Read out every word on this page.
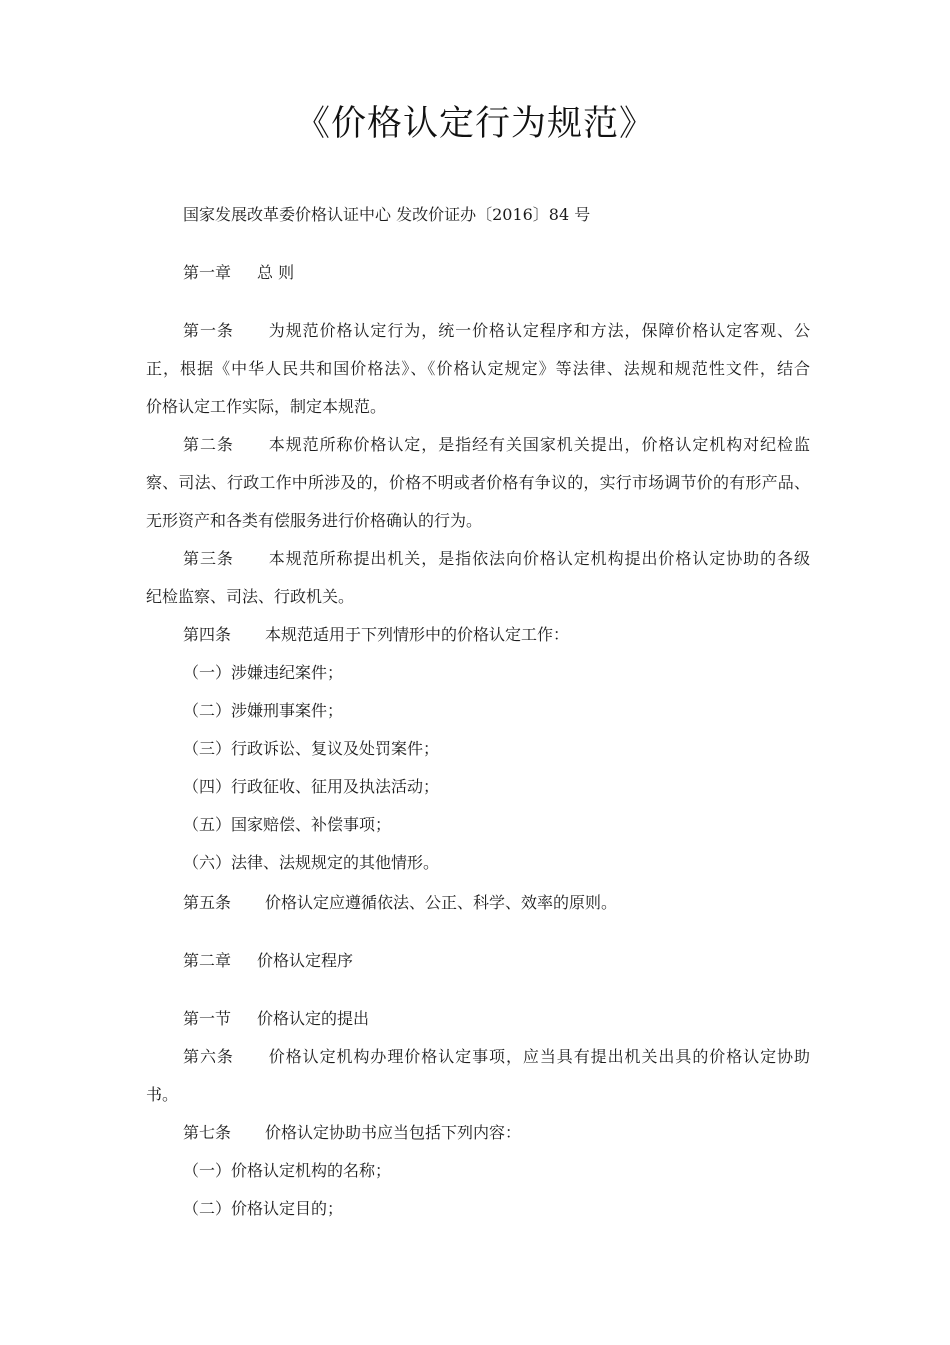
《价格认定行为规范》
国家发展改革委价格认证中心 发改价证办〔2016〕84 号
第一章 总 则
第一条 为规范价格认定行为，统一价格认定程序和方法，保障价格认定客观、公
正，根据《中华人民共和国价格法》、《价格认定规定》等法律、法规和规范性文件，结合
价格认定工作实际，制定本规范。
第二条 本规范所称价格认定，是指经有关国家机关提出，价格认定机构对纪检监
察、司法、行政工作中所涉及的，价格不明或者价格有争议的，实行市场调节价的有形产品、
无形资产和各类有偿服务进行价格确认的行为。
第三条 本规范所称提出机关，是指依法向价格认定机构提出价格认定协助的各级
纪检监察、司法、行政机关。
第四条 本规范适用于下列情形中的价格认定工作：
（一）涉嫌违纪案件；
（二）涉嫌刑事案件；
（三）行政诉讼、复议及处罚案件；
（四）行政征收、征用及执法活动；
（五）国家赔偿、补偿事项；
（六）法律、法规规定的其他情形。
第五条 价格认定应遵循依法、公正、科学、效率的原则。
第二章 价格认定程序
第一节 价格认定的提出
第六条 价格认定机构办理价格认定事项，应当具有提出机关出具的价格认定协助
书。
第七条 价格认定协助书应当包括下列内容：
（一）价格认定机构的名称；
（二）价格认定目的；
